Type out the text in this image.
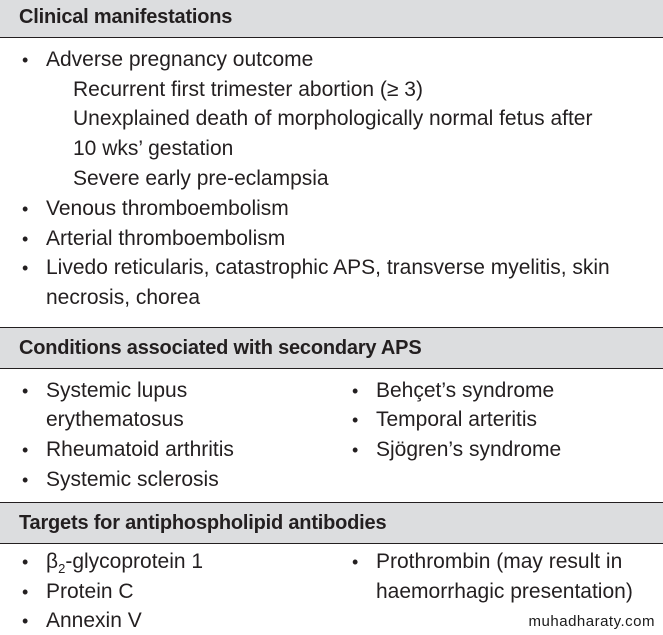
Clinical manifestations
• Adverse pregnancy outcome
Recurrent first trimester abortion (≥ 3)
Unexplained death of morphologically normal fetus after
10 wks’ gestation
Severe early pre-eclampsia
• Venous thromboembolism
• Arterial thromboembolism
• Livedo reticularis, catastrophic APS, transverse myelitis, skin
necrosis, chorea
Conditions associated with secondary APS
• Systemic lupus
erythematosus
• Rheumatoid arthritis
• Systemic sclerosis
• Behçet’s syndrome
• Temporal arteritis
• Sjögren’s syndrome
Targets for antiphospholipid antibodies
• $\beta_2$-glycoprotein 1
• Protein C
• Annexin V
• Prothrombin (may result in
haemorrhagic presentation)
muhadharaty.com
